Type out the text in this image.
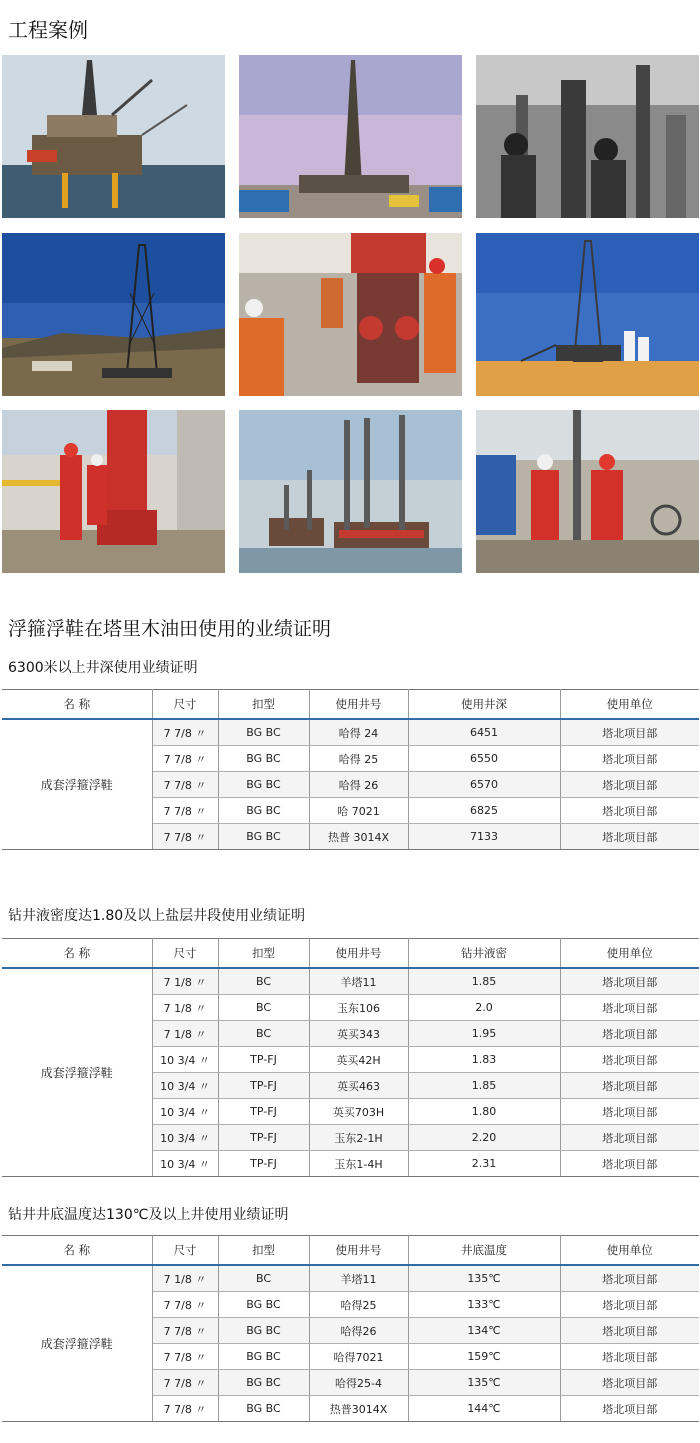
工程案例
浮箍浮鞋在塔里木油田使用的业绩证明
6300米以上井深使用业绩证明
名 称	尺寸	扣型	使用井号	使用井深	使用单位
成套浮箍浮鞋	7 7/8 〃	BG BC	哈得 24	6451	塔北项目部
	7 7/8 〃	BG BC	哈得 25	6550	塔北项目部
	7 7/8 〃	BG BC	哈得 26	6570	塔北项目部
	7 7/8 〃	BG BC	哈 7021	6825	塔北项目部
	7 7/8 〃	BG BC	热普 3014X	7133	塔北项目部
钻井液密度达1.80及以上盐层井段使用业绩证明
名 称	尺寸	扣型	使用井号	钻井液密	使用单位
成套浮箍浮鞋	7 1/8 〃	BC	羊塔11	1.85	塔北项目部
	7 1/8 〃	BC	玉东106	2.0	塔北项目部
	7 1/8 〃	BC	英买343	1.95	塔北项目部
	10 3/4 〃	TP-FJ	英买42H	1.83	塔北项目部
	10 3/4 〃	TP-FJ	英买463	1.85	塔北项目部
	10 3/4 〃	TP-FJ	英买703H	1.80	塔北项目部
	10 3/4 〃	TP-FJ	玉东2-1H	2.20	塔北项目部
	10 3/4 〃	TP-FJ	玉东1-4H	2.31	塔北项目部
钻井井底温度达130℃及以上井使用业绩证明
名 称	尺寸	扣型	使用井号	井底温度	使用单位
成套浮箍浮鞋	7 1/8 〃	BC	羊塔11	135℃	塔北项目部
	7 7/8 〃	BG BC	哈得25	133℃	塔北项目部
	7 7/8 〃	BG BC	哈得26	134℃	塔北项目部
	7 7/8 〃	BG BC	哈得7021	159℃	塔北项目部
	7 7/8 〃	BG BC	哈得25-4	135℃	塔北项目部
	7 7/8 〃	BG BC	热普3014X	144℃	塔北项目部
